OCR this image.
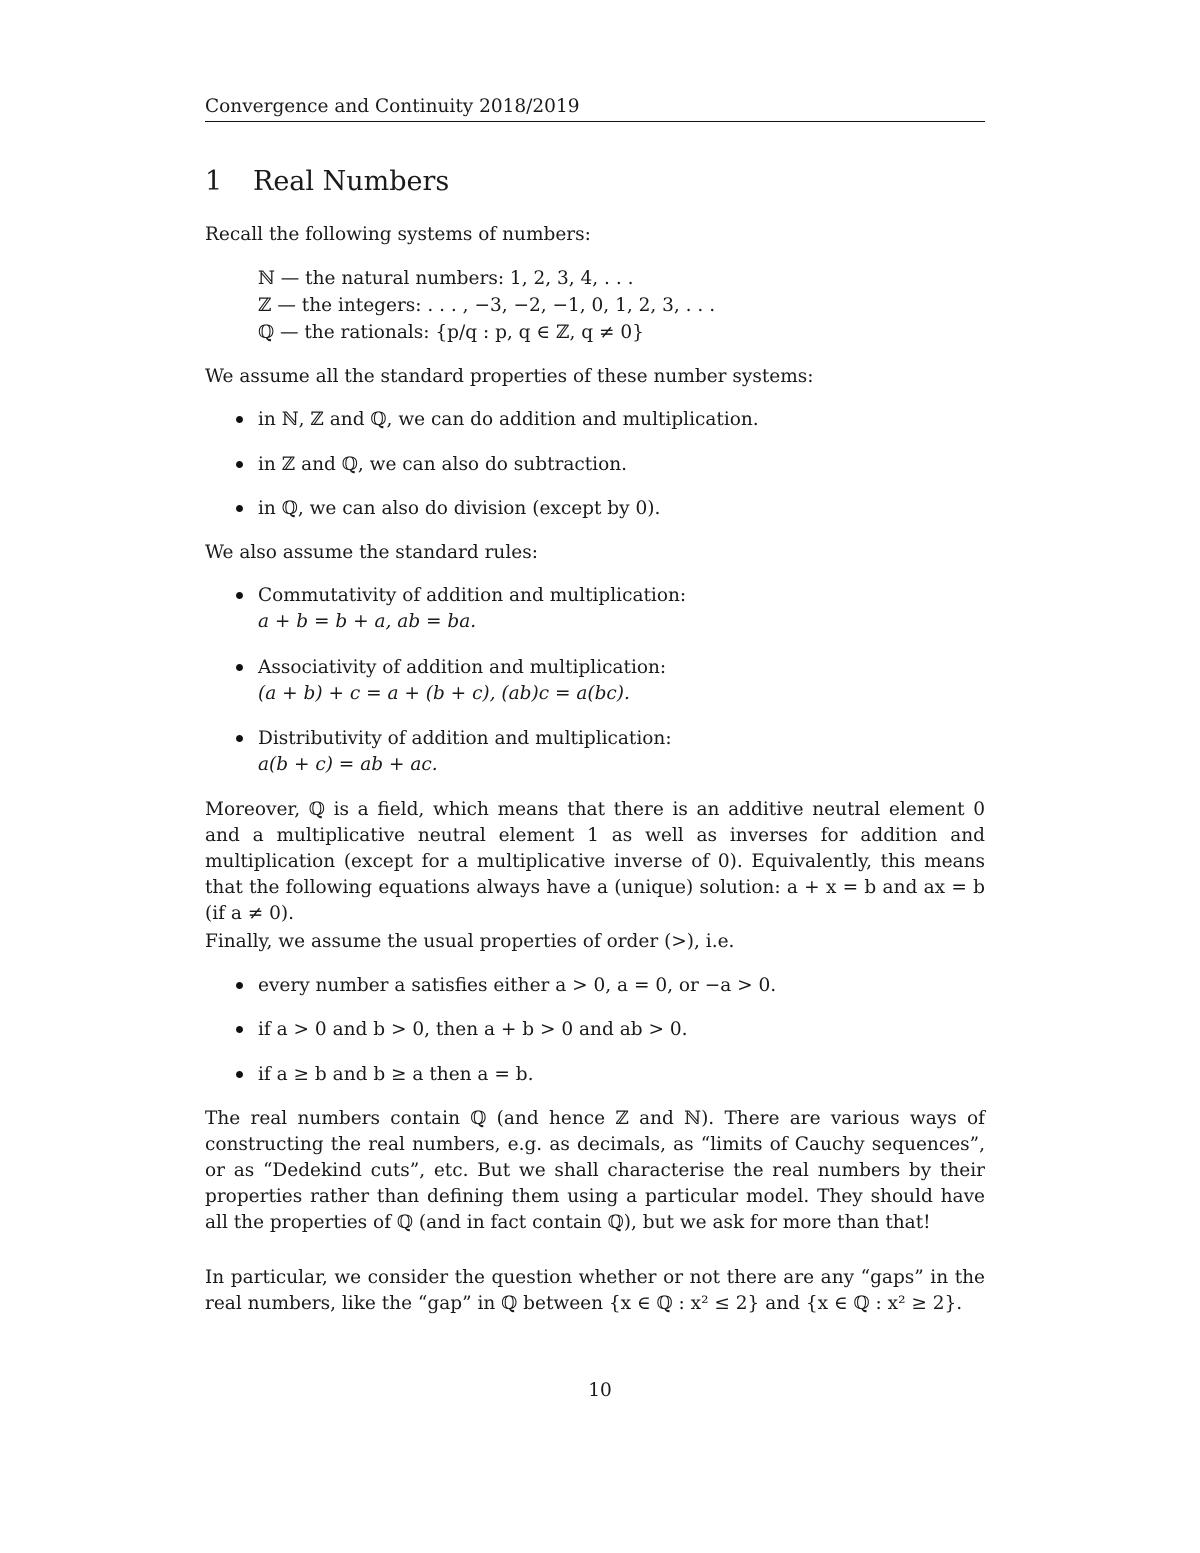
Convergence and Continuity 2018/2019
1 Real Numbers
Recall the following systems of numbers:
ℕ — the natural numbers: 1, 2, 3, 4, . . .
ℤ — the integers: . . . , −3, −2, −1, 0, 1, 2, 3, . . .
ℚ — the rationals: {p/q : p, q ∈ ℤ, q ≠ 0}
We assume all the standard properties of these number systems:
in ℕ, ℤ and ℚ, we can do addition and multiplication.
in ℤ and ℚ, we can also do subtraction.
in ℚ, we can also do division (except by 0).
We also assume the standard rules:
Commutativity of addition and multiplication:
a + b = b + a, ab = ba.
Associativity of addition and multiplication:
(a + b) + c = a + (b + c), (ab)c = a(bc).
Distributivity of addition and multiplication:
a(b + c) = ab + ac.
Moreover, ℚ is a field, which means that there is an additive neutral element 0 and a multiplicative neutral element 1 as well as inverses for addition and multiplication (except for a multiplicative inverse of 0). Equivalently, this means that the following equations always have a (unique) solution: a + x = b and ax = b (if a ≠ 0).
Finally, we assume the usual properties of order (>), i.e.
every number a satisfies either a > 0, a = 0, or −a > 0.
if a > 0 and b > 0, then a + b > 0 and ab > 0.
if a ≥ b and b ≥ a then a = b.
The real numbers contain ℚ (and hence ℤ and ℕ). There are various ways of constructing the real numbers, e.g. as decimals, as “limits of Cauchy sequences”, or as “Dedekind cuts”, etc. But we shall characterise the real numbers by their properties rather than defining them using a particular model. They should have all the properties of ℚ (and in fact contain ℚ), but we ask for more than that!
In particular, we consider the question whether or not there are any “gaps” in the real numbers, like the “gap” in ℚ between {x ∈ ℚ : x² ≤ 2} and {x ∈ ℚ : x² ≥ 2}.
10
